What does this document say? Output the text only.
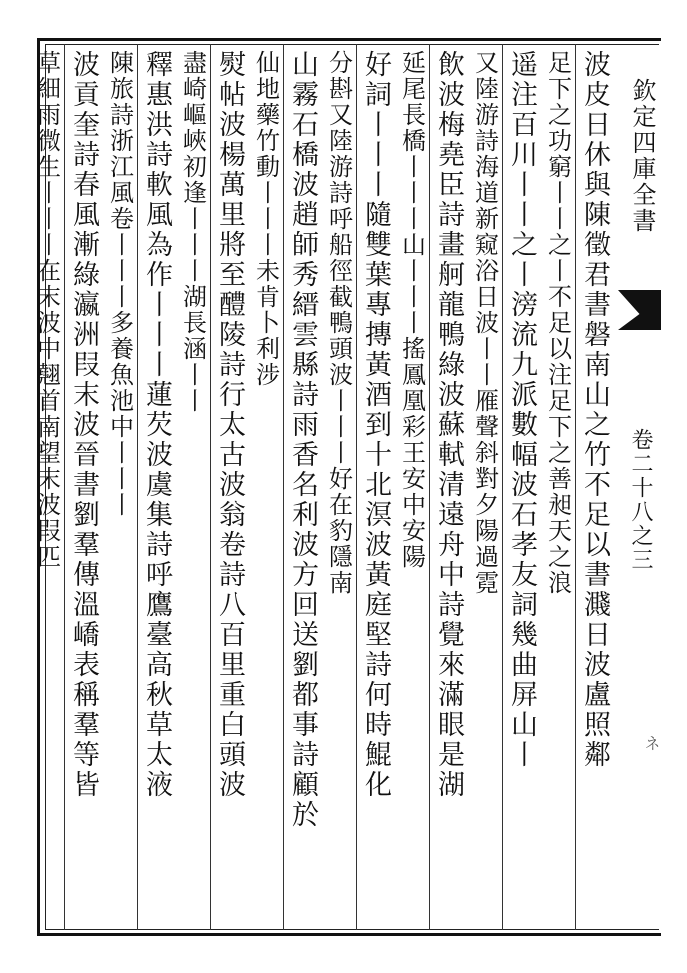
欽定四庫全書
卷二十八之三
ネ
波皮日休與陳徵君書磐南山之竹不足以書濺日波盧照鄰
足下之功窮丨丨之丨不足以注足下之善昶天之浪
遥注百川丨丨之丨滂流九派數幅波石孝友詞幾曲屏山丨
又陸游詩海道新窥浴日波丨丨雁聲斜對夕陽過霓
飲波梅堯臣詩畫舸龍鴨綠波蘇軾清遠舟中詩覺來滿眼是湖
延尾長橋丨丨丨山丨丨丨搖鳳凰彩王安中安陽
好詞丨丨丨隨雙葉專摶黃酒到十北溟波黃庭堅詩何時鯤化
分斟又陸游詩呼船徑截鴨頭波丨丨丨好在豹隱南
山霧石橋波趙師秀縉雲縣詩雨香名利波方回送劉都事詩顧於
仙地藥竹動丨丨丨未肯卜利涉
熨帖波楊萬里將至醴陵詩行太古波翁卷詩八百里重白頭波
盡崎嶇峽初逢丨丨丨湖長涵丨丨
釋惠洪詩軟風為作丨丨丨蓮芡波虞集詩呼鷹臺高秋草太液
陳旅詩浙江風卷丨丨丨多養魚池中丨丨丨
波貢奎詩春風漸綠瀛洲叚末波晉書劉羣傳溫嶠表稱羣等皆
草細雨微生丨丨丨在末波中翹首南望末波叚匹
